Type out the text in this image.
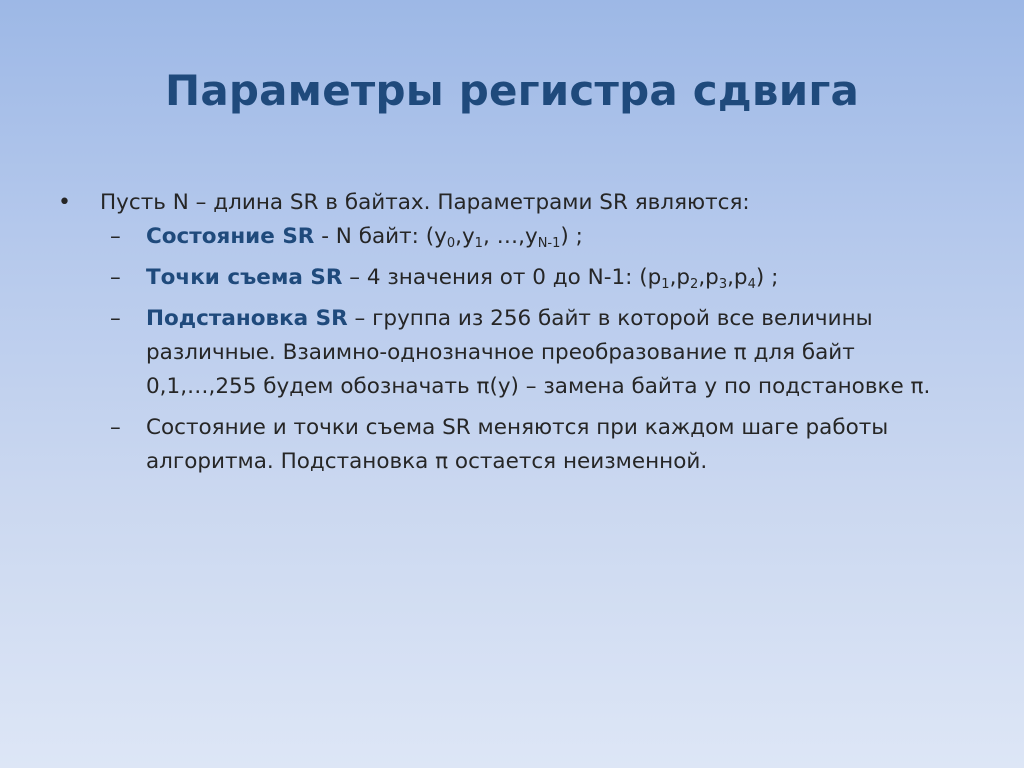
Параметры регистра сдвига
• Пусть N – длина SR в байтах. Параметрами SR являются:
– Состояние SR - N байт: ($y_0,y_1$, $\dots,y_{N-1}$) ;
– Точки съема SR – 4 значения от 0 до N-1: $(p_1,p_2,p_3,p_4)$ ;
– Подстановка SR – группа из 256 байт в которой все величины различные. Взаимно-однозначное преобразование π для байт 0,1,…,255 будем обозначать π(y) – замена байта y по подстановке π.
– Состояние и точки съема SR меняются при каждом шаге работы алгоритма. Подстановка π остается неизменной.
